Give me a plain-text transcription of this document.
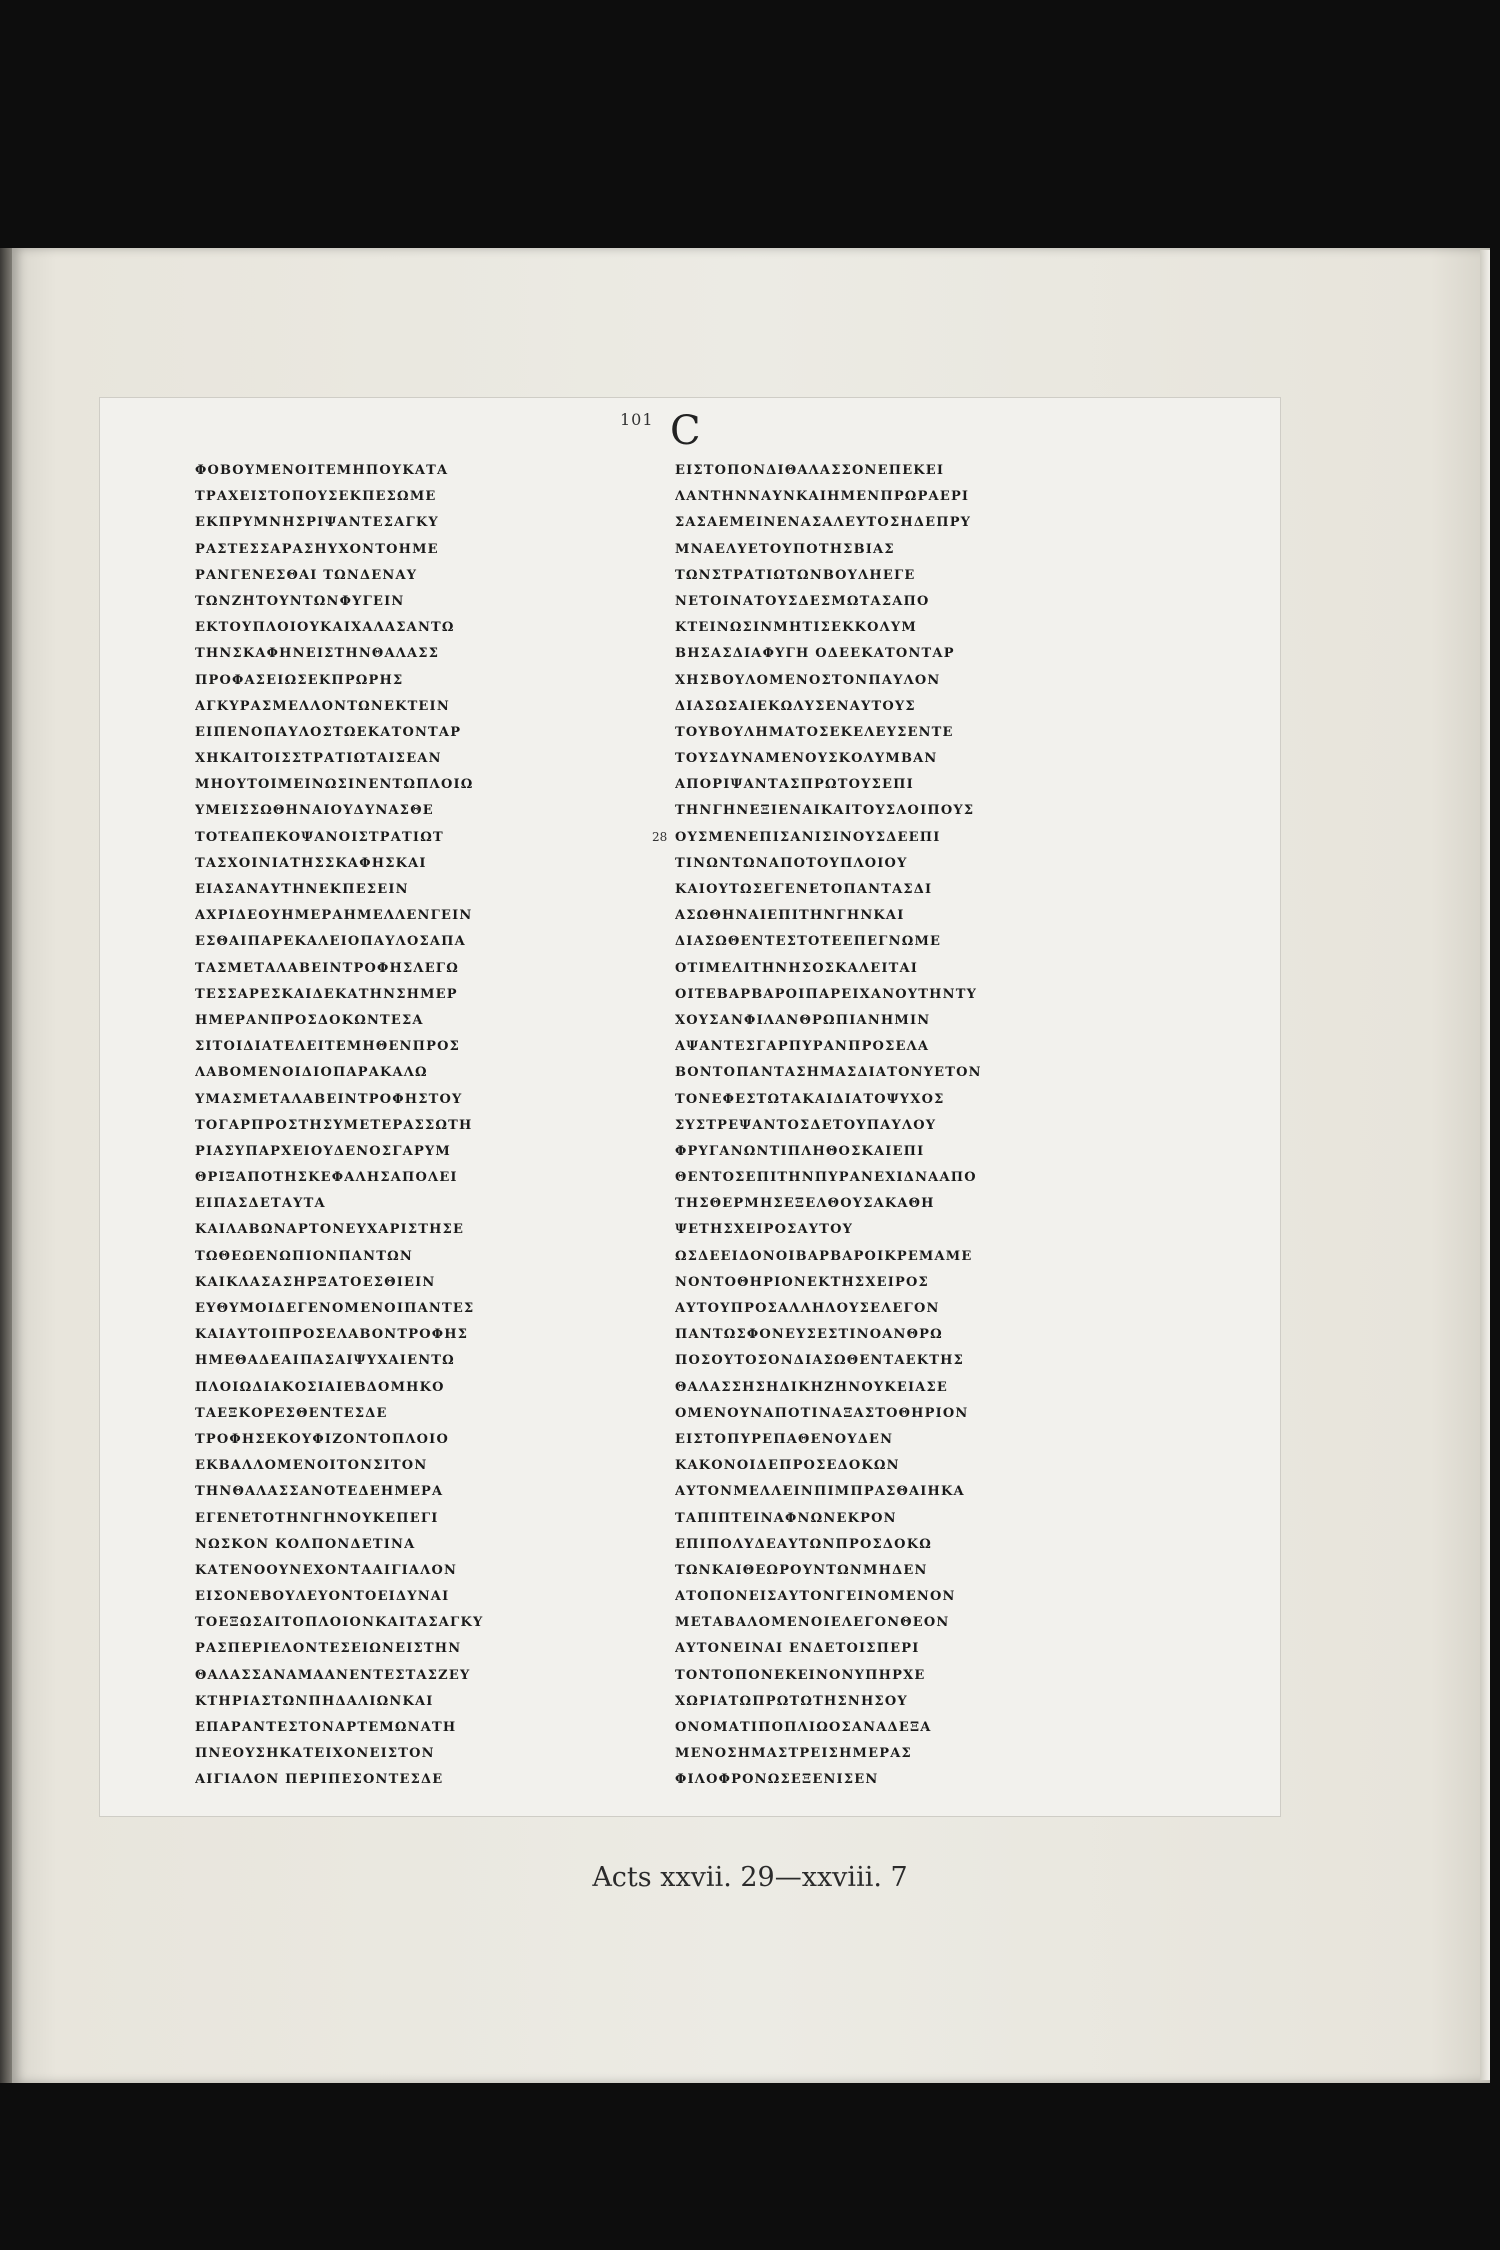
101 C
ΦΟΒΟΥΜΕΝΟΙΤΕΜΗΠΟΥΚΑΤΑ
ΤΡΑΧΕΙΣΤΟΠΟΥΣΕΚΠΕΣΩΜΕ
ΕΚΠΡΥΜΝΗΣΡΙΨΑΝΤΕΣΑΓΚΥ
ΡΑΣΤΕΣΣΑΡΑΣΗΥΧΟΝΤΟΗΜΕ
ΡΑΝΓΕΝΕΣΘΑΙ ΤΩΝΔΕΝΑΥ
ΤΩΝΖΗΤΟΥΝΤΩΝΦΥΓΕΙΝ
ΕΚΤΟΥΠΛΟΙΟΥΚΑΙΧΑΛΑΣΑΝΤΩ
ΤΗΝΣΚΑΦΗΝΕΙΣΤΗΝΘΑΛΑΣΣ
ΠΡΟΦΑΣΕΙΩΣΕΚΠΡΩΡΗΣ
ΑΓΚΥΡΑΣΜΕΛΛΟΝΤΩΝΕΚΤΕΙΝ
ΕΙΠΕΝΟΠΑΥΛΟΣΤΩΕΚΑΤΟΝΤΑΡ
ΧΗΚΑΙΤΟΙΣΣΤΡΑΤΙΩΤΑΙΣΕΑΝ
ΜΗΟΥΤΟΙΜΕΙΝΩΣΙΝΕΝΤΩΠΛΟΙΩ
ΥΜΕΙΣΣΩΘΗΝΑΙΟΥΔΥΝΑΣΘΕ
ΤΟΤΕΑΠΕΚΟΨΑΝΟΙΣΤΡΑΤΙΩΤ
ΤΑΣΧΟΙΝΙΑΤΗΣΣΚΑΦΗΣΚΑΙ
ΕΙΑΣΑΝΑΥΤΗΝΕΚΠΕΣΕΙΝ
ΑΧΡΙΔΕΟΥΗΜΕΡΑΗΜΕΛΛΕΝΓΕΙΝ
ΕΣΘΑΙΠΑΡΕΚΑΛΕΙΟΠΑΥΛΟΣΑΠΑ
ΤΑΣΜΕΤΑΛΑΒΕΙΝΤΡΟΦΗΣΛΕΓΩ
ΤΕΣΣΑΡΕΣΚΑΙΔΕΚΑΤΗΝΣΗΜΕΡ
ΗΜΕΡΑΝΠΡΟΣΔΟΚΩΝΤΕΣΑ
ΣΙΤΟΙΔΙΑΤΕΛΕΙΤΕΜΗΘΕΝΠΡΟΣ
ΛΑΒΟΜΕΝΟΙΔΙΟΠΑΡΑΚΑΛΩ
ΥΜΑΣΜΕΤΑΛΑΒΕΙΝΤΡΟΦΗΣΤΟΥ
ΤΟΓΑΡΠΡΟΣΤΗΣΥΜΕΤΕΡΑΣΣΩΤΗ
ΡΙΑΣΥΠΑΡΧΕΙΟΥΔΕΝΟΣΓΑΡΥΜ
ΘΡΙΞΑΠΟΤΗΣΚΕΦΑΛΗΣΑΠΟΛΕΙ
ΕΙΠΑΣΔΕΤΑΥΤΑ
ΚΑΙΛΑΒΩΝΑΡΤΟΝΕΥΧΑΡΙΣΤΗΣΕ
ΤΩΘΕΩΕΝΩΠΙΟΝΠΑΝΤΩΝ
ΚΑΙΚΛΑΣΑΣΗΡΞΑΤΟΕΣΘΙΕΙΝ
ΕΥΘΥΜΟΙΔΕΓΕΝΟΜΕΝΟΙΠΑΝΤΕΣ
ΚΑΙΑΥΤΟΙΠΡΟΣΕΛΑΒΟΝΤΡΟΦΗΣ
ΗΜΕΘΑΔΕΑΙΠΑΣΑΙΨΥΧΑΙΕΝΤΩ
ΠΛΟΙΩΔΙΑΚΟΣΙΑΙΕΒΔΟΜΗΚΟ
ΤΑΕΞΚΟΡΕΣΘΕΝΤΕΣΔΕ
ΤΡΟΦΗΣΕΚΟΥΦΙΖΟΝΤΟΠΛΟΙΟ
ΕΚΒΑΛΛΟΜΕΝΟΙΤΟΝΣΙΤΟΝ
ΤΗΝΘΑΛΑΣΣΑΝΟΤΕΔΕΗΜΕΡΑ
ΕΓΕΝΕΤΟΤΗΝΓΗΝΟΥΚΕΠΕΓΙ
ΝΩΣΚΟΝ ΚΟΛΠΟΝΔΕΤΙΝΑ
ΚΑΤΕΝΟΟΥΝΕΧΟΝΤΑΑΙΓΙΑΛΟΝ
ΕΙΣΟΝΕΒΟΥΛΕΥΟΝΤΟΕΙΔΥΝΑΙ
ΤΟΕΞΩΣΑΙΤΟΠΛΟΙΟΝΚΑΙΤΑΣΑΓΚΥ
ΡΑΣΠΕΡΙΕΛΟΝΤΕΣΕΙΩΝΕΙΣΤΗΝ
ΘΑΛΑΣΣΑΝΑΜΑΑΝΕΝΤΕΣΤΑΣΖΕΥ
ΚΤΗΡΙΑΣΤΩΝΠΗΔΑΛΙΩΝΚΑΙ
ΕΠΑΡΑΝΤΕΣΤΟΝΑΡΤΕΜΩΝΑΤΗ
ΠΝΕΟΥΣΗΚΑΤΕΙΧΟΝΕΙΣΤΟΝ
ΑΙΓΙΑΛΟΝ ΠΕΡΙΠΕΣΟΝΤΕΣΔΕ
28
ΕΙΣΤΟΠΟΝΔΙΘΑΛΑΣΣΟΝΕΠΕΚΕΙ
ΛΑΝΤΗΝΝΑΥΝΚΑΙΗΜΕΝΠΡΩΡΑΕΡΙ
ΣΑΣΑΕΜΕΙΝΕΝΑΣΑΛΕΥΤΟΣΗΔΕΠΡΥ
ΜΝΑΕΛΥΕΤΟΥΠΟΤΗΣΒΙΑΣ
ΤΩΝΣΤΡΑΤΙΩΤΩΝΒΟΥΛΗΕΓΕ
ΝΕΤΟΙΝΑΤΟΥΣΔΕΣΜΩΤΑΣΑΠΟ
ΚΤΕΙΝΩΣΙΝΜΗΤΙΣΕΚΚΟΛΥΜ
ΒΗΣΑΣΔΙΑΦΥΓΗ ΟΔΕΕΚΑΤΟΝΤΑΡ
ΧΗΣΒΟΥΛΟΜΕΝΟΣΤΟΝΠΑΥΛΟΝ
ΔΙΑΣΩΣΑΙΕΚΩΛΥΣΕΝΑΥΤΟΥΣ
ΤΟΥΒΟΥΛΗΜΑΤΟΣΕΚΕΛΕΥΣΕΝΤΕ
ΤΟΥΣΔΥΝΑΜΕΝΟΥΣΚΟΛΥΜΒΑΝ
ΑΠΟΡΙΨΑΝΤΑΣΠΡΩΤΟΥΣΕΠΙ
ΤΗΝΓΗΝΕΞΙΕΝΑΙΚΑΙΤΟΥΣΛΟΙΠΟΥΣ
ΟΥΣΜΕΝΕΠΙΣΑΝΙΣΙΝΟΥΣΔΕΕΠΙ
ΤΙΝΩΝΤΩΝΑΠΟΤΟΥΠΛΟΙΟΥ
ΚΑΙΟΥΤΩΣΕΓΕΝΕΤΟΠΑΝΤΑΣΔΙ
ΑΣΩΘΗΝΑΙΕΠΙΤΗΝΓΗΝΚΑΙ
ΔΙΑΣΩΘΕΝΤΕΣΤΟΤΕΕΠΕΓΝΩΜΕ
ΟΤΙΜΕΛΙΤΗΝΗΣΟΣΚΑΛΕΙΤΑΙ
ΟΙΤΕΒΑΡΒΑΡΟΙΠΑΡΕΙΧΑΝΟΥΤΗΝΤΥ
ΧΟΥΣΑΝΦΙΛΑΝΘΡΩΠΙΑΝΗΜΙΝ
ΑΨΑΝΤΕΣΓΑΡΠΥΡΑΝΠΡΟΣΕΛΑ
ΒΟΝΤΟΠΑΝΤΑΣΗΜΑΣΔΙΑΤΟΝΥΕΤΟΝ
ΤΟΝΕΦΕΣΤΩΤΑΚΑΙΔΙΑΤΟΨΥΧΟΣ
ΣΥΣΤΡΕΨΑΝΤΟΣΔΕΤΟΥΠΑΥΛΟΥ
ΦΡΥΓΑΝΩΝΤΙΠΛΗΘΟΣΚΑΙΕΠΙ
ΘΕΝΤΟΣΕΠΙΤΗΝΠΥΡΑΝΕΧΙΔΝΑΑΠΟ
ΤΗΣΘΕΡΜΗΣΕΞΕΛΘΟΥΣΑΚΑΘΗ
ΨΕΤΗΣΧΕΙΡΟΣΑΥΤΟΥ
ΩΣΔΕΕΙΔΟΝΟΙΒΑΡΒΑΡΟΙΚΡΕΜΑΜΕ
ΝΟΝΤΟΘΗΡΙΟΝΕΚΤΗΣΧΕΙΡΟΣ
ΑΥΤΟΥΠΡΟΣΑΛΛΗΛΟΥΣΕΛΕΓΟΝ
ΠΑΝΤΩΣΦΟΝΕΥΣΕΣΤΙΝΟΑΝΘΡΩ
ΠΟΣΟΥΤΟΣΟΝΔΙΑΣΩΘΕΝΤΑΕΚΤΗΣ
ΘΑΛΑΣΣΗΣΗΔΙΚΗΖΗΝΟΥΚΕΙΑΣΕ
ΟΜΕΝΟΥΝΑΠΟΤΙΝΑΞΑΣΤΟΘΗΡΙΟΝ
ΕΙΣΤΟΠΥΡΕΠΑΘΕΝΟΥΔΕΝ
ΚΑΚΟΝΟΙΔΕΠΡΟΣΕΔΟΚΩΝ
ΑΥΤΟΝΜΕΛΛΕΙΝΠΙΜΠΡΑΣΘΑΙΗΚΑ
ΤΑΠΙΠΤΕΙΝΑΦΝΩΝΕΚΡΟΝ
ΕΠΙΠΟΛΥΔΕΑΥΤΩΝΠΡΟΣΔΟΚΩ
ΤΩΝΚΑΙΘΕΩΡΟΥΝΤΩΝΜΗΔΕΝ
ΑΤΟΠΟΝΕΙΣΑΥΤΟΝΓΕΙΝΟΜΕΝΟΝ
ΜΕΤΑΒΑΛΟΜΕΝΟΙΕΛΕΓΟΝΘΕΟΝ
ΑΥΤΟΝΕΙΝΑΙ ΕΝΔΕΤΟΙΣΠΕΡΙ
ΤΟΝΤΟΠΟΝΕΚΕΙΝΟΝΥΠΗΡΧΕ
ΧΩΡΙΑΤΩΠΡΩΤΩΤΗΣΝΗΣΟΥ
ΟΝΟΜΑΤΙΠΟΠΛΙΩΟΣΑΝΑΔΕΞΑ
ΜΕΝΟΣΗΜΑΣΤΡΕΙΣΗΜΕΡΑΣ
ΦΙΛΟΦΡΟΝΩΣΕΞΕΝΙΣΕΝ
Acts xxvii. 29—xxviii. 7
